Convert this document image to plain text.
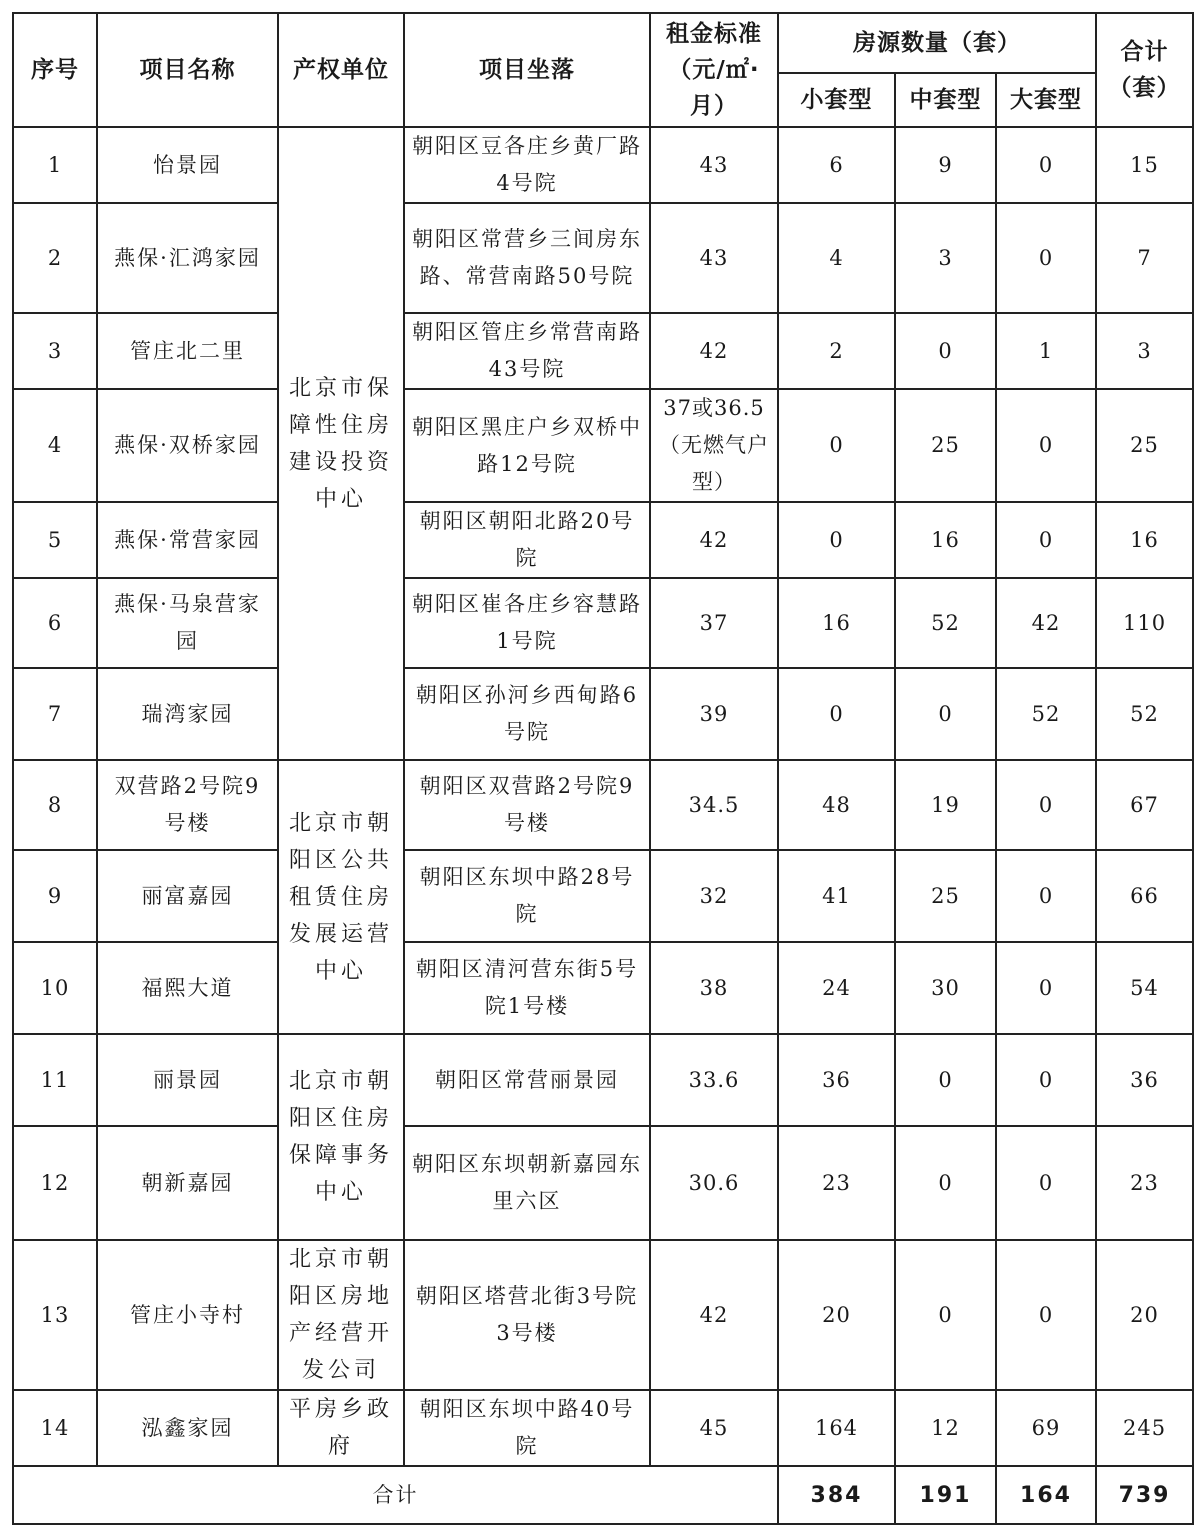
序号	项目名称	产权单位	项目坐落	租金标准（元/㎡·月）	房源数量（套）			合计（套）
					小套型	中套型	大套型	
1	怡景园	北京市保障性住房建设投资中心	朝阳区豆各庄乡黄厂路4号院	43	6	9	0	15
2	燕保·汇鸿家园		朝阳区常营乡三间房东路、常营南路50号院	43	4	3	0	7
3	管庄北二里		朝阳区管庄乡常营南路43号院	42	2	0	1	3
4	燕保·双桥家园		朝阳区黑庄户乡双桥中路12号院	37或36.5（无燃气户型）	0	25	0	25
5	燕保·常营家园		朝阳区朝阳北路20号院	42	0	16	0	16
6	燕保·马泉营家园		朝阳区崔各庄乡容慧路1号院	37	16	52	42	110
7	瑞湾家园		朝阳区孙河乡西甸路6号院	39	0	0	52	52
8	双营路2号院9号楼	北京市朝阳区公共租赁住房发展运营中心	朝阳区双营路2号院9号楼	34.5	48	19	0	67
9	丽富嘉园		朝阳区东坝中路28号院	32	41	25	0	66
10	福熙大道		朝阳区清河营东街5号院1号楼	38	24	30	0	54
11	丽景园	北京市朝阳区住房保障事务中心	朝阳区常营丽景园	33.6	36	0	0	36
12	朝新嘉园		朝阳区东坝朝新嘉园东里六区	30.6	23	0	0	23
13	管庄小寺村	北京市朝阳区房地产经营开发公司	朝阳区塔营北街3号院3号楼	42	20	0	0	20
14	泓鑫家园	平房乡政府	朝阳区东坝中路40号院	45	164	12	69	245
合计					384	191	164	739
